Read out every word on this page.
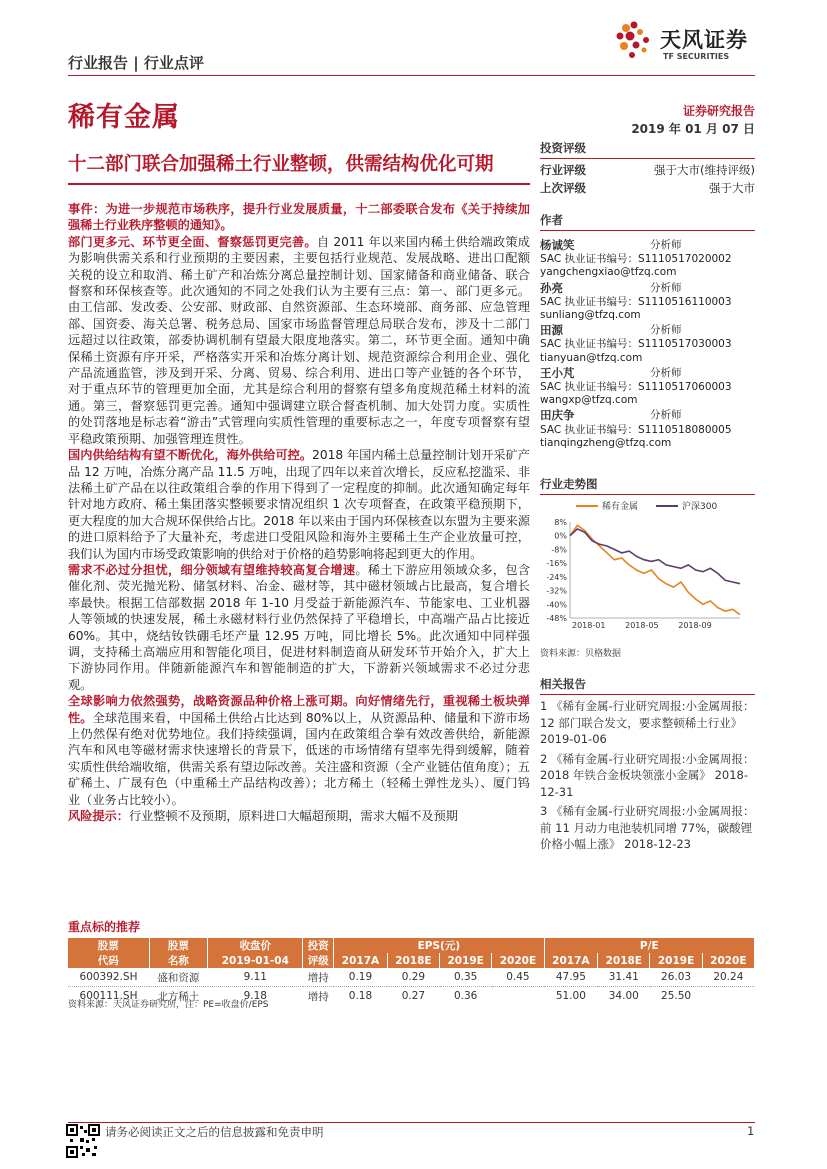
行业报告 | 行业点评
天风证券
TF SECURITIES
稀有金属	证券研究报告
2019 年 01 月 07 日
十二部门联合加强稀土行业整顿，供需结构优化可期

事件：为进一步规范市场秩序，提升行业发展质量，十二部委联合发布《关于持续加强稀土行业秩序整顿的通知》。

部门更多元、环节更全面、督察惩罚更完善。自 2011 年以来国内稀土供给端政策成为影响供需关系和行业预期的主要因素，主要包括行业规范、发展战略、进出口配额关税的设立和取消、稀土矿产和冶炼分离总量控制计划、国家储备和商业储备、联合督察和环保核查等。此次通知的不同之处我们认为主要有三点：第一、部门更多元。由工信部、发改委、公安部、财政部、自然资源部、生态环境部、商务部、应急管理部、国资委、海关总署、税务总局、国家市场监督管理总局联合发布，涉及十二部门远超过以往政策，部委协调机制有望最大限度地落实。第二，环节更全面。通知中确保稀土资源有序开采，严格落实开采和冶炼分离计划、规范资源综合利用企业、强化产品流通监管，涉及到开采、分离、贸易、综合利用、进出口等产业链的各个环节，对于重点环节的管理更加全面，尤其是综合利用的督察有望多角度规范稀土材料的流通。第三，督察惩罚更完善。通知中强调建立联合督查机制、加大处罚力度。实质性的处罚落地是标志着“游击”式管理向实质性管理的重要标志之一，年度专项督察有望平稳政策预期、加强管理连贯性。

国内供给结构有望不断优化，海外供给可控。2018 年国内稀土总量控制计划开采矿产品 12 万吨，冶炼分离产品 11.5 万吨，出现了四年以来首次增长，反应私挖滥采、非法稀土矿产品在以往政策组合拳的作用下得到了一定程度的抑制。此次通知确定每年针对地方政府、稀土集团落实整顿要求情况组织 1 次专项督查，在政策平稳预期下，更大程度的加大合规环保供给占比。2018 年以来由于国内环保核查以东盟为主要来源的进口原料给予了大量补充，考虑进口受阻风险和海外主要稀土生产企业放量可控，我们认为国内市场受政策影响的供给对于价格的趋势影响将起到更大的作用。

需求不必过分担忧，细分领域有望维持较高复合增速。稀土下游应用领域众多，包含催化剂、荧光抛光粉、储氢材料、冶金、磁材等，其中磁材领域占比最高，复合增长率最快。根据工信部数据 2018 年 1-10 月受益于新能源汽车、节能家电、工业机器人等领域的快速发展，稀土永磁材料行业仍然保持了平稳增长，中高端产品占比接近 60%。其中，烧结钕铁硼毛坯产量 12.95 万吨，同比增长 5%。此次通知中同样强调，支持稀土高端应用和智能化项目，促进材料制造商从研发环节开始介入，扩大上下游协同作用。伴随新能源汽车和智能制造的扩大，下游新兴领域需求不必过分悲观。

全球影响力依然强势，战略资源品种价格上涨可期。向好情绪先行，重视稀土板块弹性。全球范围来看，中国稀土供给占比达到 80%以上，从资源品种、储量和下游市场上仍然保有绝对优势地位。我们持续强调，国内在政策组合拳有效改善供给，新能源汽车和风电等磁材需求快速增长的背景下，低迷的市场情绪有望率先得到缓解，随着实质性供给端收缩，供需关系有望边际改善。关注盛和资源（全产业链估值角度）；五矿稀土、广晟有色（中重稀土产品结构改善）；北方稀土（轻稀土弹性龙头）、厦门钨业（业务占比较小）。

风险提示：行业整顿不及预期，原料进口大幅超预期，需求大幅不及预期

投资评级
行业评级	强于大市(维持评级)
上次评级	强于大市
作者
杨诚笑	分析师
SAC 执业证书编号：S1110517020002
yangchengxiao@tfzq.com
孙亮	分析师
SAC 执业证书编号：S1110516110003
sunliang@tfzq.com
田源	分析师
SAC 执业证书编号：S1110517030003
tianyuan@tfzq.com
王小芃	分析师
SAC 执业证书编号：S1110517060003
wangxp@tfzq.com
田庆争	分析师
SAC 执业证书编号：S1110518080005
tianqingzheng@tfzq.com
行业走势图
稀有金属	沪深300
8%
0%
-8%
-16%
-24%
-32%
-40%
-48%
2018-01 2018-05 2018-09
资料来源：贝格数据
相关报告
1 《稀有金属-行业研究周报:小金属周报：12 部门联合发文，要求整顿稀土行业》 2019-01-06
2 《稀有金属-行业研究周报:小金属周报：2018 年铁合金板块领涨小金属》 2018-12-31
3 《稀有金属-行业研究周报:小金属周报：前 11 月动力电池装机同增 77%，碳酸锂价格小幅上涨》 2018-12-23
重点标的推荐
股票	股票	收盘价	投资	EPS(元)				P/E			
代码	名称	2019-01-04	评级	2017A	2018E	2019E	2020E	2017A	2018E	2019E	2020E
600392.SH	盛和资源	9.11	增持	0.19	0.29	0.35	0.45	47.95	31.41	26.03	20.24
600111.SH	北方稀土	9.18	增持	0.18	0.27	0.36		51.00	34.00	25.50	
资料来源：天风证券研究所，注：PE=收盘价/EPS
请务必阅读正文之后的信息披露和免责申明	1
